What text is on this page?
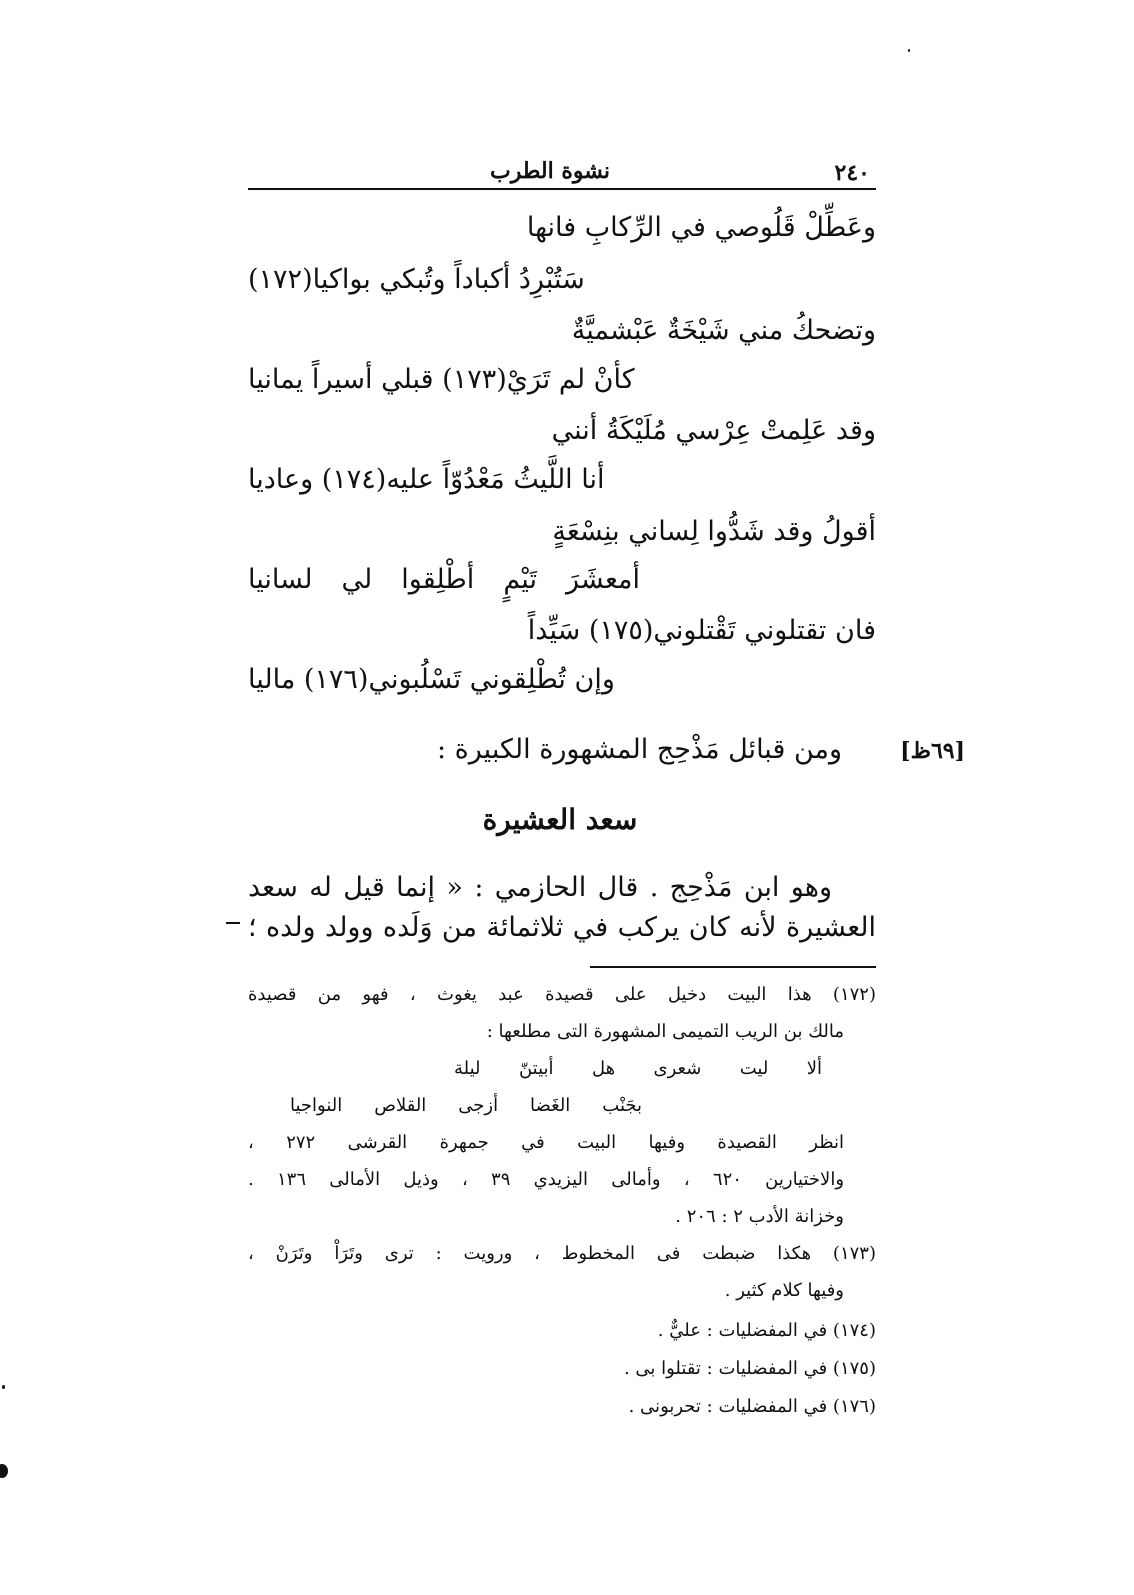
٢٤٠
نشوة الطرب
وعَطِّلْ قَلُوصي في الرِّكابِ فانها
سَتُبْرِدُ أكباداً وتُبكي بواكيا(١٧٢)
وتضحكُ مني شَيْخَةٌ عَبْشميَّةٌ
كأنْ لم تَرَيْ(١٧٣) قبلي أسيراً يمانيا
وقد عَلِمتْ عِرْسي مُلَيْكَةُ أنني
أنا اللَّيثُ مَعْدُوّاً عليه(١٧٤) وعاديا
أقولُ وقد شَدُّوا لِساني بنِسْعَةٍ
أمعشَرَ تَيْمٍ أطْلِقوا لي لسانيا
فان تقتلوني تَقْتلوني(١٧٥) سَيِّداً
وإن تُطْلِقوني تَسْلُبوني(١٧٦) ماليا
[٦٩ظ]
ومن قبائل مَذْحِج المشهورة الكبيرة :
سعد العشيرة
وهو ابن مَذْحِج . قال الحازمي : « إنما قيل له سعد
العشيرة لأنه كان يركب في ثلاثمائة من وَلَده وولد ولده ؛
(١٧٢) هذا البيت دخيل على قصيدة عبد يغوث ، فهو من قصيدة
مالك بن الريب التميمى المشهورة التى مطلعها :
ألا ليت شعرى هل أبيتنّ ليلة
بجَنْب الغَضا أزجى القلاص النواجيا
انظر القصيدة وفيها البيت في جمهرة القرشى ٢٧٢ ،
والاختيارين ٦٢٠ ، وأمالى اليزيدي ٣٩ ، وذيل الأمالى ١٣٦ .
وخزانة الأدب ٢ : ٢٠٦ .
(١٧٣) هكذا ضبطت فى المخطوط ، ورويت : ترى وتَرَاْ وتَرَنْ ،
وفيها كلام كثير .
(١٧٤) في المفضليات : عليٌّ .
(١٧٥) في المفضليات : تقتلوا بى .
(١٧٦) في المفضليات : تحربونى .
